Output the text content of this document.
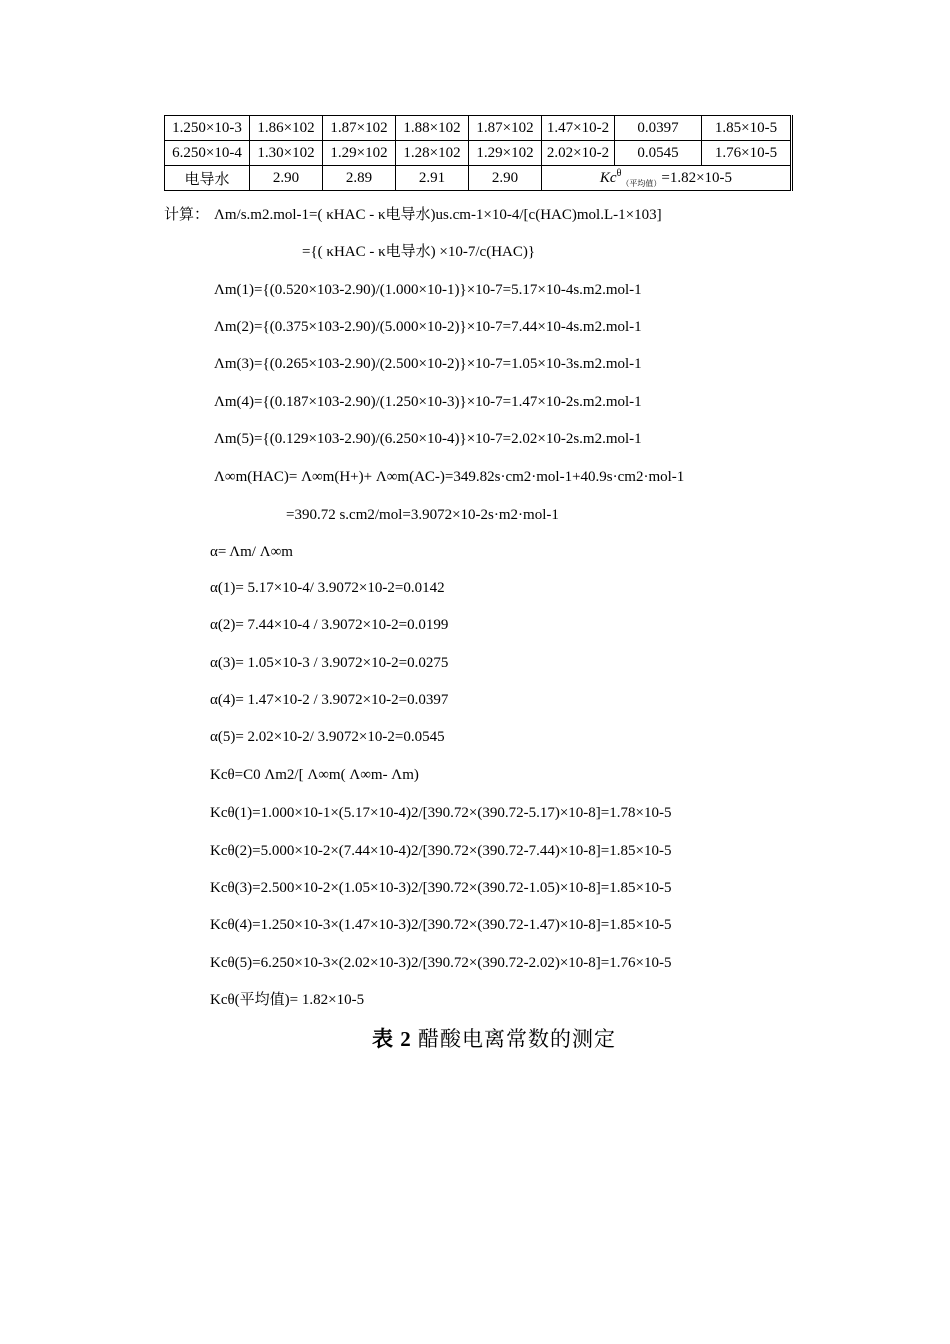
1.250×10-3	1.86×102	1.87×102	1.88×102	1.87×102	1.47×10-2	0.0397	1.85×10-5
6.250×10-4	1.30×102	1.29×102	1.28×102	1.29×102	2.02×10-2	0.0545	1.76×10-5
电导水	2.90	2.89	2.91	2.90	$Kc^\theta_{(平均值)}=1.82\times 10-5$		
计算： Λm/s.m2.mol-1=( κHAC - κ电导水)us.cm-1×10-4/[c(HAC)mol.L-1×103]
={( κHAC - κ电导水) ×10-7/c(HAC)}
Λm(1)={(0.520×103-2.90)/(1.000×10-1)}×10-7=5.17×10-4s.m2.mol-1
Λm(2)={(0.375×103-2.90)/(5.000×10-2)}×10-7=7.44×10-4s.m2.mol-1
Λm(3)={(0.265×103-2.90)/(2.500×10-2)}×10-7=1.05×10-3s.m2.mol-1
Λm(4)={(0.187×103-2.90)/(1.250×10-3)}×10-7=1.47×10-2s.m2.mol-1
Λm(5)={(0.129×103-2.90)/(6.250×10-4)}×10-7=2.02×10-2s.m2.mol-1
Λ∞m(HAC)= Λ∞m(H+)+ Λ∞m(AC-)=349.82s·cm2·mol-1+40.9s·cm2·mol-1
=390.72 s.cm2/mol=3.9072×10-2s·m2·mol-1
α= Λm/ Λ∞m
α(1)= 5.17×10-4/ 3.9072×10-2=0.0142
α(2)= 7.44×10-4 / 3.9072×10-2=0.0199
α(3)= 1.05×10-3 / 3.9072×10-2=0.0275
α(4)= 1.47×10-2 / 3.9072×10-2=0.0397
α(5)= 2.02×10-2/ 3.9072×10-2=0.0545
Kcθ=C0 Λm2/[ Λ∞m( Λ∞m- Λm)
Kcθ(1)=1.000×10-1×(5.17×10-4)2/[390.72×(390.72-5.17)×10-8]=1.78×10-5
Kcθ(2)=5.000×10-2×(7.44×10-4)2/[390.72×(390.72-7.44)×10-8]=1.85×10-5
Kcθ(3)=2.500×10-2×(1.05×10-3)2/[390.72×(390.72-1.05)×10-8]=1.85×10-5
Kcθ(4)=1.250×10-3×(1.47×10-3)2/[390.72×(390.72-1.47)×10-8]=1.85×10-5
Kcθ(5)=6.250×10-3×(2.02×10-3)2/[390.72×(390.72-2.02)×10-8]=1.76×10-5
Kcθ(平均值)= 1.82×10-5
表 2 醋酸电离常数的测定
